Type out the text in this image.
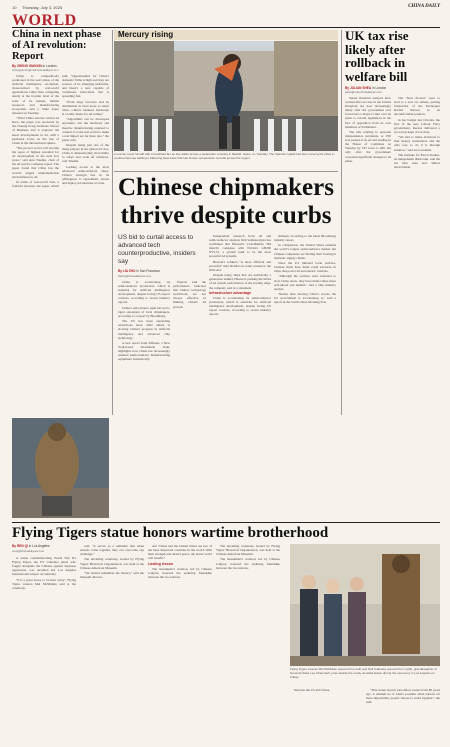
10 Thursday, July 3, 2025
WORLD
CHINA DAILY
China in next phase of AI revolution: Report
By ZHENG WANXIN in London
zhengwanxin@mail.chinadailyuk.com

China is competitively positioned in the next phase of the artificial intelligence revolution, characterized by real-world applications rather than competing purely at the frontier level of the scale of its market, human resources and manufacturing ecosystem, said a white paper released on Tuesday.

"Third China and the Global AI Race, the paper was produced by the Cheung Kong Graduate School of Business and it explores the latest developments in AI, with a particular focus on the rise of China in the international sphere.

"The pivotal world will become the space of highest potential for AI development in the next few years," said Ann Tinahui, chair of the AI service company report. The paper found that China has the world's largest implementation environment for AI.

In terms of real-world data, a fourfold increase, the paper, which said, "Opportunities for China's domestic firms is high and they are sources of its emerging platforms, and there's a new capable of continuous innovation that is spreading fast.

"From large factories and its distribution in rural areas to smart cities, China's business landscape is a really made-for-AI setting."

"Algorithms can be developed anywhere, but the hardware and massive manufacturing required to connect it to the real world to make a real impact are far more rare," the paper said.

Despite being just one of the many players in the global AI race, China is demonstrating vital ability to adopt and scale AI solutions, said Tinahui.

Lacking access to the most advanced semiconductor chips, China's strength lies in its willingness to experiment, iterate and deploy AI solutions at scale.

Mercury rising
A woman cools herself with a handheld fan as she walks across a pedestrian crossing in Madrid, Spain, on Tuesday. The Spanish capital has been among the cities in southern Europe battling a blistering heat wave that has broken temperature records across the region.
Chinese chipmakers thrive despite curbs
US bid to curtail access to advanced tech counterproductive, insiders say
By LIA ZHU in San Francisco
liazhu@chinadailyusa.com

China is accelerating its semiconductor production, which is essential for artificial intelligence development, despite facing US export controls, according to recent industry reports.

China's self-reliance push has led to rapid expansion of local chipmakers, according to a report by Bloomberg.

The US has been expanding restrictions since 2022 aimed at slowing China's progress in artificial intelligence and advanced chip technology.

A new report from Jefferies, a New York-based investment bank, highlights how China has increasingly realized semiconductor manufacturing equipment domestically.

Experts said the performance indicates that China's technology restrictions are not always effective in limiting China's AI growth.

Independent research from AI and semiconductor analysis firm SemiAnalysis has confirmed that Huawei's CloudMatrix 384 directly competes with Nvidia's GB200 NVL72, a system built to be the most powerful AI systems.

Huawei's solution "is more efficient and powerful" than Nvidia's in some scenarios, the firm said.

Despite using chips that are technically a generation behind, Huawei's pushing the limits of AI system performance at the leading edge, the company said in a statement.

Infrastructure advantage

China is accelerating its semiconductor production, which is essential for artificial intelligence development, despite facing US export controls, according to recent industry reports.

demand, according to the latest Bloomberg industry report.

In comparison, the United States remains the world's largest semiconductor market but Chinese companies are finding their footing in domestic supply chains.

Since the US initiated trade policies, Chinese firms have made rapid advances in chips that power AI and electric vehicles.

"Although the policies were intended to slow China down, they have made China more self-reliant and unified," said a chip industry analyst.

"Rather than slowing China's access, the US government is accelerating it," said a report in the South China Morning Post.

UK tax rise likely after rollback in welfare bill
By JULIAN SHEA in London
julian@mail.chinadailyuk.com

Senior financial analysts have warned that tax rises in the United Kingdom are now increasingly likely after the government was forced into a major U-turn over its plans to reform legislation in the face of opposition from its own members of Parliament.

The bill, relating to personal independence payments, or PIP, was passed at its second reading in the House of Commons on Tuesday by 335 votes to 260, but only after the government conceded significant changes to its plans.

The "hard choices" were to lead to a new tax debate, putting Chancellor of the Exchequer Rachel Reeves in an uncomfortable position.

In her budget last October, the first of the new Labour Party government, Reeves delivered a record package of tax rises.

"We had to make decisions to find money somewhere and the only way to do it is through taxation," said an economist.

The Institute for Fiscal Studies, an independent think tank, said the tax rises were now almost unavoidable.

Flying Tigers statue honors wartime brotherhood
By REN QI in Los Angeles
renqi@chinadailyusa.com

A statue commemorating World War II's Flying Tigers, the US volunteer pilots who fought alongside the Chinese against Japanese aggression, was unveiled last Los Angeles International Airport on Saturday.

"It is a great honor to be here today," Flying Tigers veteran Mel McMullen said at the ceremony.

said. "It serves as a reminder that when nations come together, they can overcome any challenge."

The unveiling ceremony, hosted by Flying Tigers' Historical Organization, was held at the Chinese American Museum.

"We should remember the history," said the museum director.

and "China and the United States are two of the most important countries in the world. With their strength and shared peace, the entire world will benefit."

Lasting lesson

The monument's creation, led by Chinese sculptor, honored the enduring friendship between the two nations.

The unveiling ceremony, hosted by Flying Tigers' Historical Organization, was held at the Chinese American Museum.

The monument's creation, led by Chinese sculptor, honored the enduring friendship between the two nations.

Flying Tigers veteran Mel McMullen (second from left) and Nell Calloway (second from right), granddaughter of General Claire Lee Chennault, pose beside the newly unveiled statue during the ceremony in Los Angeles on Friday.

between the US and China.	"This statue doesn't just reflect events from 80 years ago, it reminds us of what's possible when nations act more importantly, people choose to stand together," she said.
